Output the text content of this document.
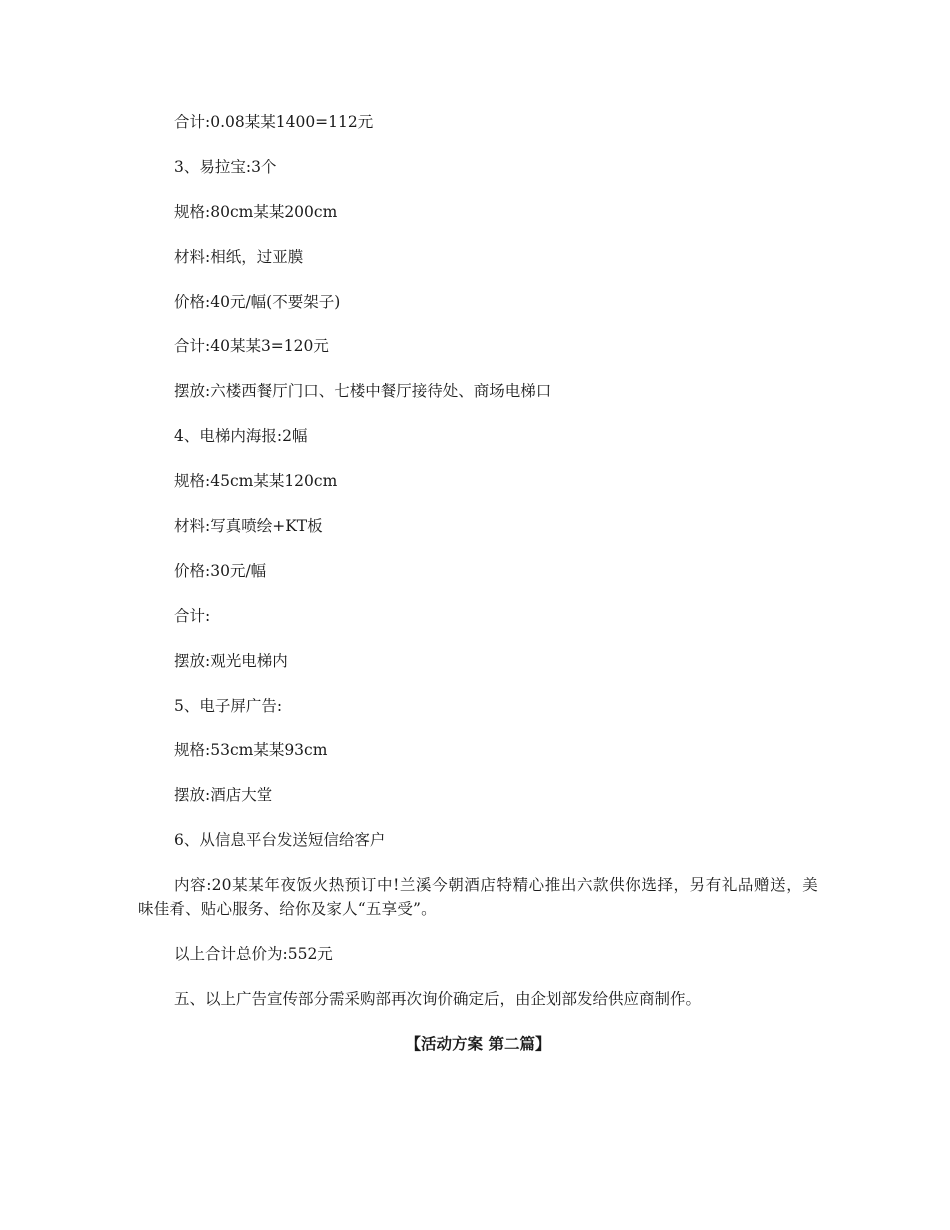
合计:0.08某某1400=112元
3、易拉宝:3个
规格:80cm某某200cm
材料:相纸，过亚膜
价格:40元/幅(不要架子)
合计:40某某3=120元
摆放:六楼西餐厅门口、七楼中餐厅接待处、商场电梯口
4、电梯内海报:2幅
规格:45cm某某120cm
材料:写真喷绘+KT板
价格:30元/幅
合计:
摆放:观光电梯内
5、电子屏广告:
规格:53cm某某93cm
摆放:酒店大堂
6、从信息平台发送短信给客户
内容:20某某年夜饭火热预订中!兰溪今朝酒店特精心推出六款供你选择，另有礼品赠送，美味佳肴、贴心服务、给你及家人“五享受”。
以上合计总价为:552元
五、以上广告宣传部分需采购部再次询价确定后，由企划部发给供应商制作。
【活动方案 第二篇】
